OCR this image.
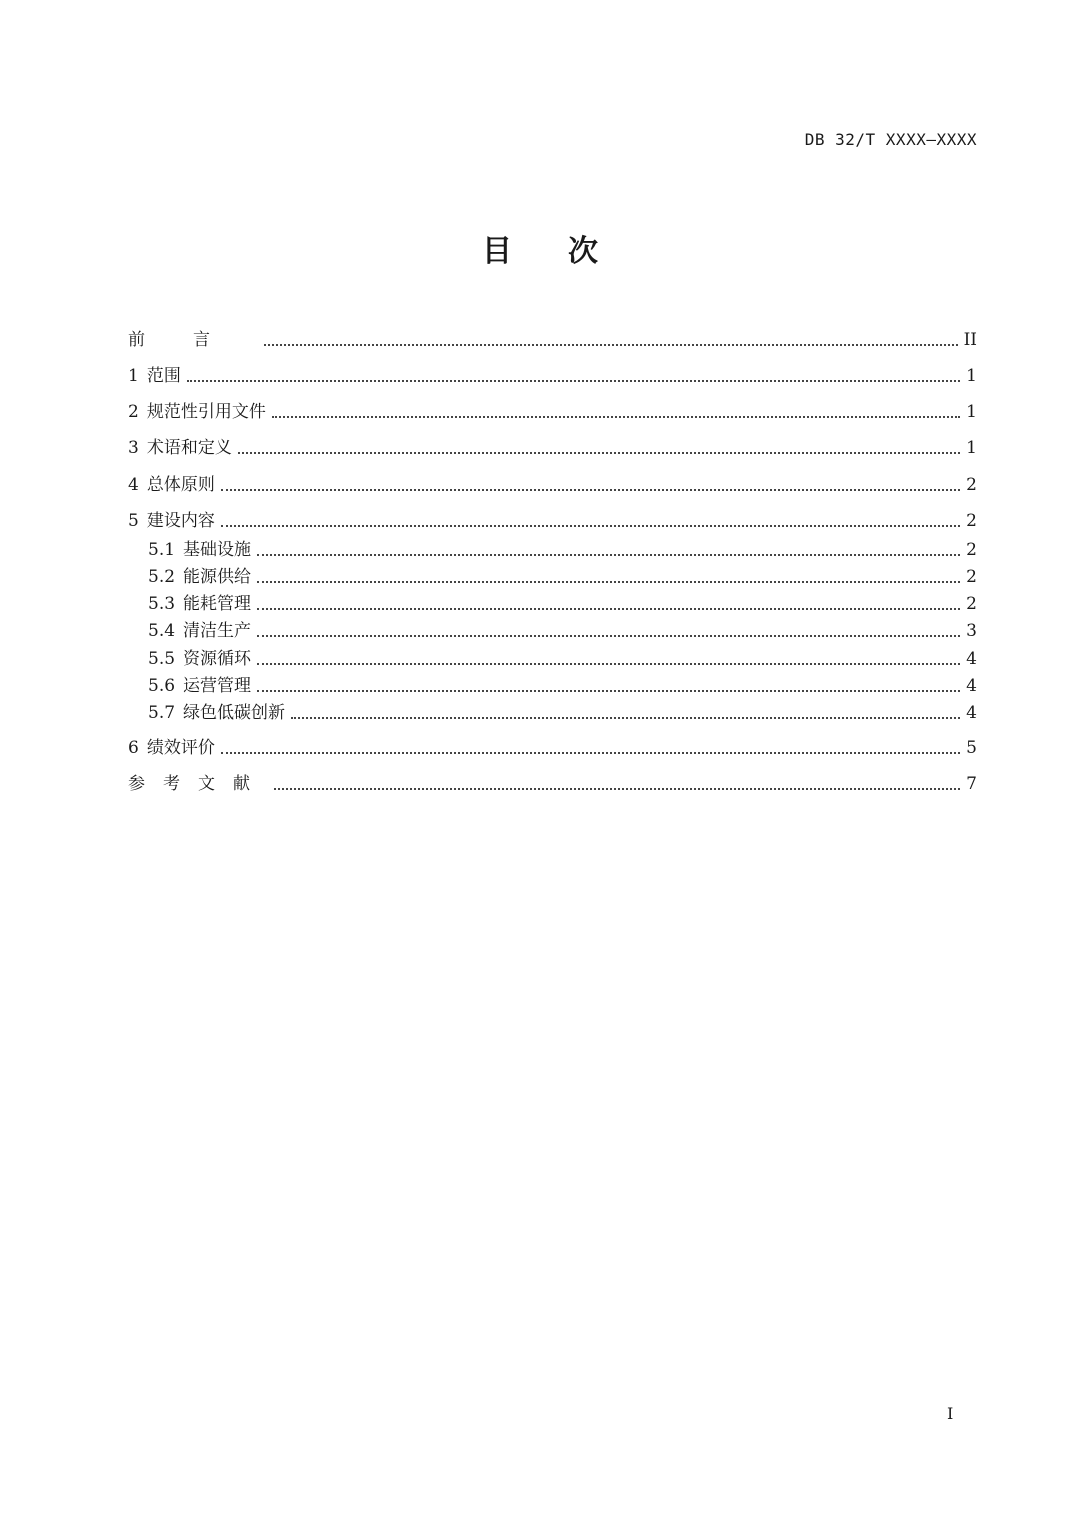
DB 32/T XXXX—XXXX
目次
前言	II
1 范围	1
2 规范性引用文件	1
3 术语和定义	1
4 总体原则	2
5 建设内容	2
5.1 基础设施	2
5.2 能源供给	2
5.3 能耗管理	2
5.4 清洁生产	3
5.5 资源循环	4
5.6 运营管理	4
5.7 绿色低碳创新	4
6 绩效评价	5
参考文献	7
I
